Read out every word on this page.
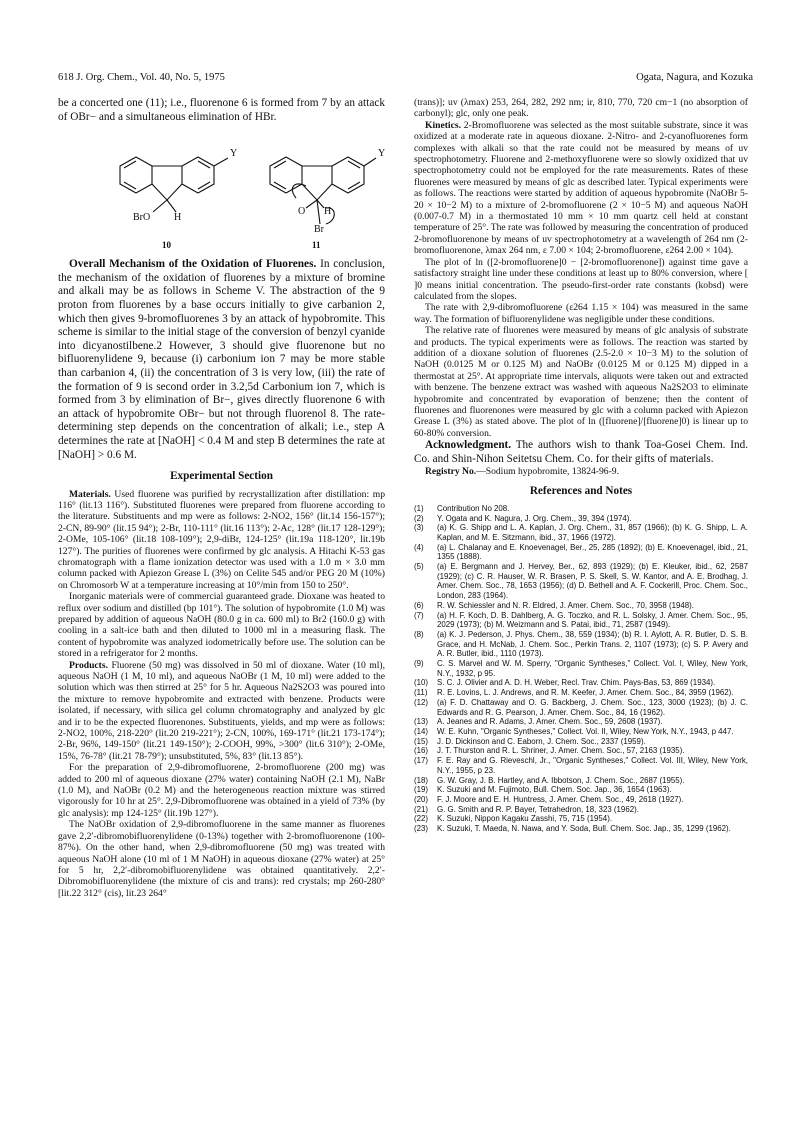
618 J. Org. Chem., Vol. 40, No. 5, 1975	Ogata, Nagura, and Kozuka

be a concerted one (11); i.e., fluorenone 6 is formed from 7 by an attack of OBr− and a simultaneous elimination of HBr.

BrO H
Y
10
O H
Br
Y
11

Overall Mechanism of the Oxidation of Fluorenes. In conclusion, the mechanism of the oxidation of fluorenes by a mixture of bromine and alkali may be as follows in Scheme V. The abstraction of the 9 proton from fluorenes by a base occurs initially to give carbanion 2, which then gives 9-bromofluorenes 3 by an attack of hypobromite. This scheme is similar to the initial stage of the conversion of benzyl cyanide into dicyanostilbene.2 However, 3 should give fluorenone but no bifluorenylidene 9, because (i) carbonium ion 7 may be more stable than carbanion 4, (ii) the concentration of 3 is very low, (iii) the rate of the formation of 9 is second order in 3.2,5d Carbonium ion 7, which is formed from 3 by elimination of Br−, gives directly fluorenone 6 with an attack of hypobromite OBr− but not through fluorenol 8. The rate-determining step depends on the concentration of alkali; i.e., step A determines the rate at [NaOH] < 0.4 M and step B determines the rate at [NaOH] > 0.6 M.

Experimental Section

Materials. Used fluorene was purified by recrystallization after distillation: mp 116° (lit.13 116°). Substituted fluorenes were prepared from fluorene according to the literature. Substituents and mp were as follows: 2-NO2, 156° (lit.14 156-157°); 2-CN, 89-90° (lit.15 94°); 2-Br, 110-111° (lit.16 113°); 2-Ac, 128° (lit.17 128-129°); 2-OMe, 105-106° (lit.18 108-109°); 2,9-diBr, 124-125° (lit.19a 118-120°, lit.19b 127°). The purities of fluorenes were confirmed by glc analysis. A Hitachi K-53 gas chromatograph with a flame ionization detector was used with a 1.0 m × 3.0 mm column packed with Apiezon Grease L (3%) on Celite 545 and/or PEG 20 M (10%) on Chromosorb W at a temperature increasing at 10°/min from 150 to 250°.

Inorganic materials were of commercial guaranteed grade. Dioxane was heated to reflux over sodium and distilled (bp 101°). The solution of hypobromite (1.0 M) was prepared by addition of aqueous NaOH (80.0 g in ca. 600 ml) to Br2 (160.0 g) with cooling in a salt-ice bath and then diluted to 1000 ml in a measuring flask. The content of hypobromite was analyzed iodometrically before use. The solution can be stored in a refrigerator for 2 months.

Products. Fluorene (50 mg) was dissolved in 50 ml of dioxane. Water (10 ml), aqueous NaOH (1 M, 10 ml), and aqueous NaOBr (1 M, 10 ml) were added to the solution which was then stirred at 25° for 5 hr. Aqueous Na2S2O3 was poured into the mixture to remove hypobromite and extracted with benzene. Products were isolated, if necessary, with silica gel column chromatography and analyzed by glc and ir to be the expected fluorenones. Substituents, yields, and mp were as follows: 2-NO2, 100%, 218-220° (lit.20 219-221°); 2-CN, 100%, 169-171° (lit.21 173-174°); 2-Br, 96%, 149-150° (lit.21 149-150°); 2-COOH, 99%, >300° (lit.6 310°); 2-OMe, 15%, 76-78° (lit.21 78-79°); unsubstituted, 5%, 83° (lit.13 85°).

For the preparation of 2,9-dibromofluorene, 2-bromofluorene (200 mg) was added to 200 ml of aqueous dioxane (27% water) containing NaOH (2.1 M), NaBr (1.0 M), and NaOBr (0.2 M) and the heterogeneous reaction mixture was stirred vigorously for 10 hr at 25°. 2,9-Dibromofluorene was obtained in a yield of 73% (by glc analysis): mp 124-125° (lit.19b 127°).

The NaOBr oxidation of 2,9-dibromofluorene in the same manner as fluorenes gave 2,2′-dibromobifluorenylidene (0-13%) together with 2-bromofluorenone (100-87%). On the other hand, when 2,9-dibromofluorene (50 mg) was treated with aqueous NaOH alone (10 ml of 1 M NaOH) in aqueous dioxane (27% water) at 25° for 5 hr, 2,2′-dibromobifluorenylidene was obtained quantitatively. 2,2′-Dibromobifluorenylidene (the mixture of cis and trans): red crystals; mp 260-280° [lit.22 312° (cis), lit.23 264°

(trans)]; uv (λmax) 253, 264, 282, 292 nm; ir, 810, 770, 720 cm−1 (no absorption of carbonyl); glc, only one peak.

Kinetics. 2-Bromofluorene was selected as the most suitable substrate, since it was oxidized at a moderate rate in aqueous dioxane. 2-Nitro- and 2-cyanofluorenes form complexes with alkali so that the rate could not be measured by means of uv spectrophotometry. Fluorene and 2-methoxyfluorene were so slowly oxidized that uv spectrophotometry could not be employed for the rate measurements. Rates of these fluorenes were measured by means of glc as described later. Typical experiments were as follows. The reactions were started by addition of aqueous hypobromite (NaOBr 5-20 × 10−2 M) to a mixture of 2-bromofluorene (2 × 10−5 M) and aqueous NaOH (0.007-0.7 M) in a thermostated 10 mm × 10 mm quartz cell held at constant temperature of 25°. The rate was followed by measuring the concentration of produced 2-bromofluorenone by means of uv spectrophotometry at a wavelength of 264 nm (2-bromofluorenone, λmax 264 nm, ε 7.00 × 104; 2-bromofluorene, ε264 2.00 × 104).

The plot of ln ([2-bromofluorene]0 − [2-bromofluorenone]) against time gave a satisfactory straight line under these conditions at least up to 80% conversion, where [ ]0 means initial concentration. The pseudo-first-order rate constants (kobsd) were calculated from the slopes.

The rate with 2,9-dibromofluorene (ε264 1.15 × 104) was measured in the same way. The formation of bifluorenylidene was negligible under these conditions.

The relative rate of fluorenes were measured by means of glc analysis of substrate and products. The typical experiments were as follows. The reaction was started by addition of a dioxane solution of fluorenes (2.5-2.0 × 10−3 M) to the solution of NaOH (0.0125 M or 0.125 M) and NaOBr (0.0125 M or 0.125 M) dipped in a thermostat at 25°. At appropriate time intervals, aliquots were taken out and extracted with benzene. The benzene extract was washed with aqueous Na2S2O3 to eliminate hypobromite and concentrated by evaporation of benzene; then the content of fluorenes and fluorenones were measured by glc with a column packed with Apiezon Grease L (3%) as stated above. The plot of ln ([fluorene]/[fluorene]0) is linear up to 60-80% conversion.

Acknowledgment. The authors wish to thank Toa-Gosei Chem. Ind. Co. and Shin-Nihon Seitetsu Chem. Co. for their gifts of materials.

Registry No.—Sodium hypobromite, 13824-96-9.

References and Notes
(1) Contribution No 208.
(2) Y. Ogata and K. Nagura, J. Org. Chem., 39, 394 (1974).
(3) (a) K. G. Shipp and L. A. Kaplan, J. Org. Chem., 31, 857 (1966); (b) K. G. Shipp, L. A. Kaplan, and M. E. Sitzmann, ibid., 37, 1966 (1972).
(4) (a) L. Chalanay and E. Knoevenagel, Ber., 25, 285 (1892); (b) E. Knoevenagel, ibid., 21, 1355 (1888).
(5) (a) E. Bergmann and J. Hervey, Ber., 62, 893 (1929); (b) E. Kleuker, ibid., 62, 2587 (1929); (c) C. R. Hauser, W. R. Brasen, P. S. Skell, S. W. Kantor, and A. E. Brodhag, J. Amer. Chem. Soc., 78, 1653 (1956); (d) D. Bethell and A. F. Cockerill, Proc. Chem. Soc., London, 283 (1964).
(6) R. W. Schiessler and N. R. Eldred, J. Amer. Chem. Soc., 70, 3958 (1948).
(7) (a) H. F. Koch, D. B. Dahlberg, A. G. Toczko, and R. L. Solsky, J. Amer. Chem. Soc., 95, 2029 (1973); (b) M. Weizmann and S. Patai, ibid., 71, 2587 (1949).
(8) (a) K. J. Pederson, J. Phys. Chem., 38, 559 (1934); (b) R. I. Aylott, A. R. Butler, D. S. B. Grace, and H. McNab, J. Chem. Soc., Perkin Trans. 2, 1107 (1973); (c) S. P. Avery and A. R. Butler, ibid., 1110 (1973).
(9) C. S. Marvel and W. M. Sperry, "Organic Syntheses," Collect. Vol. I, Wiley, New York, N.Y., 1932, p 95.
(10) S. C. J. Olivier and A. D. H. Weber, Recl. Trav. Chim. Pays-Bas, 53, 869 (1934).
(11) R. E. Lovins, L. J. Andrews, and R. M. Keefer, J. Amer. Chem. Soc., 84, 3959 (1962).
(12) (a) F. D. Chattaway and O. G. Backberg, J. Chem. Soc., 123, 3000 (1923); (b) J. C. Edwards and R. G. Pearson, J. Amer. Chem. Soc., 84, 16 (1962).
(13) A. Jeanes and R. Adams, J. Amer. Chem. Soc., 59, 2608 (1937).
(14) W. E. Kuhn, "Organic Syntheses," Collect. Vol. II, Wiley, New York, N.Y., 1943, p 447.
(15) J. D. Dickinson and C. Eaborn, J. Chem. Soc., 2337 (1959).
(16) J. T. Thurston and R. L. Shriner, J. Amer. Chem. Soc., 57, 2163 (1935).
(17) F. E. Ray and G. Rieveschl, Jr., "Organic Syntheses," Collect. Vol. III, Wiley, New York, N.Y., 1955, p 23.
(18) G. W. Gray, J. B. Hartley, and A. Ibbotson, J. Chem. Soc., 2687 (1955).
(19) K. Suzuki and M. Fujimoto, Bull. Chem. Soc. Jap., 36, 1654 (1963).
(20) F. J. Moore and E. H. Huntress, J. Amer. Chem. Soc., 49, 2618 (1927).
(21) G. G. Smith and R. P. Bayer, Tetrahedron, 18, 323 (1962).
(22) K. Suzuki, Nippon Kagaku Zasshi, 75, 715 (1954).
(23) K. Suzuki, T. Maeda, N. Nawa, and Y. Soda, Bull. Chem. Soc. Jap., 35, 1299 (1962).
